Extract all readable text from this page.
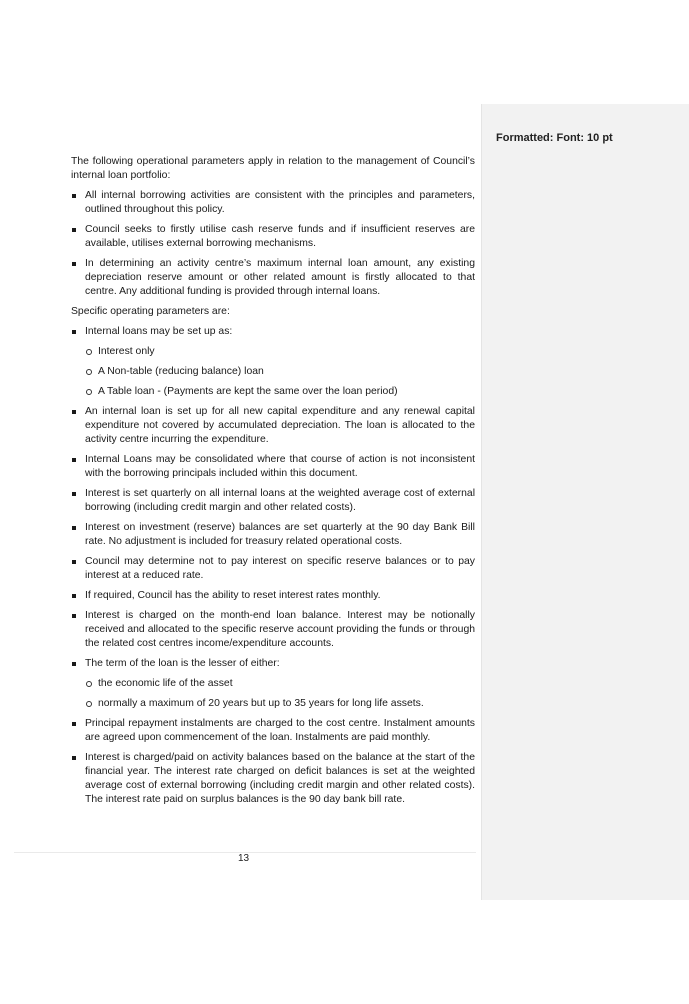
Formatted: Font: 10 pt

The following operational parameters apply in relation to the management of Council’s internal loan portfolio:

All internal borrowing activities are consistent with the principles and parameters, outlined throughout this policy.
Council seeks to firstly utilise cash reserve funds and if insufficient reserves are available, utilises external borrowing mechanisms.
In determining an activity centre’s maximum internal loan amount, any existing depreciation reserve amount or other related amount is firstly allocated to that centre. Any additional funding is provided through internal loans.

Specific operating parameters are:

Internal loans may be set up as:
Interest only
A Non-table (reducing balance) loan
A Table loan - (Payments are kept the same over the loan period)
An internal loan is set up for all new capital expenditure and any renewal capital expenditure not covered by accumulated depreciation. The loan is allocated to the activity centre incurring the expenditure.
Internal Loans may be consolidated where that course of action is not inconsistent with the borrowing principals included within this document.
Interest is set quarterly on all internal loans at the weighted average cost of external borrowing (including credit margin and other related costs).
Interest on investment (reserve) balances are set quarterly at the 90 day Bank Bill rate. No adjustment is included for treasury related operational costs.
Council may determine not to pay interest on specific reserve balances or to pay interest at a reduced rate.
If required, Council has the ability to reset interest rates monthly.
Interest is charged on the month-end loan balance. Interest may be notionally received and allocated to the specific reserve account providing the funds or through the related cost centres income/expenditure accounts.
The term of the loan is the lesser of either:
the economic life of the asset
normally a maximum of 20 years but up to 35 years for long life assets.
Principal repayment instalments are charged to the cost centre. Instalment amounts are agreed upon commencement of the loan. Instalments are paid monthly.
Interest is charged/paid on activity balances based on the balance at the start of the financial year. The interest rate charged on deficit balances is set at the weighted average cost of external borrowing (including credit margin and other related costs). The interest rate paid on surplus balances is the 90 day bank bill rate.
13
